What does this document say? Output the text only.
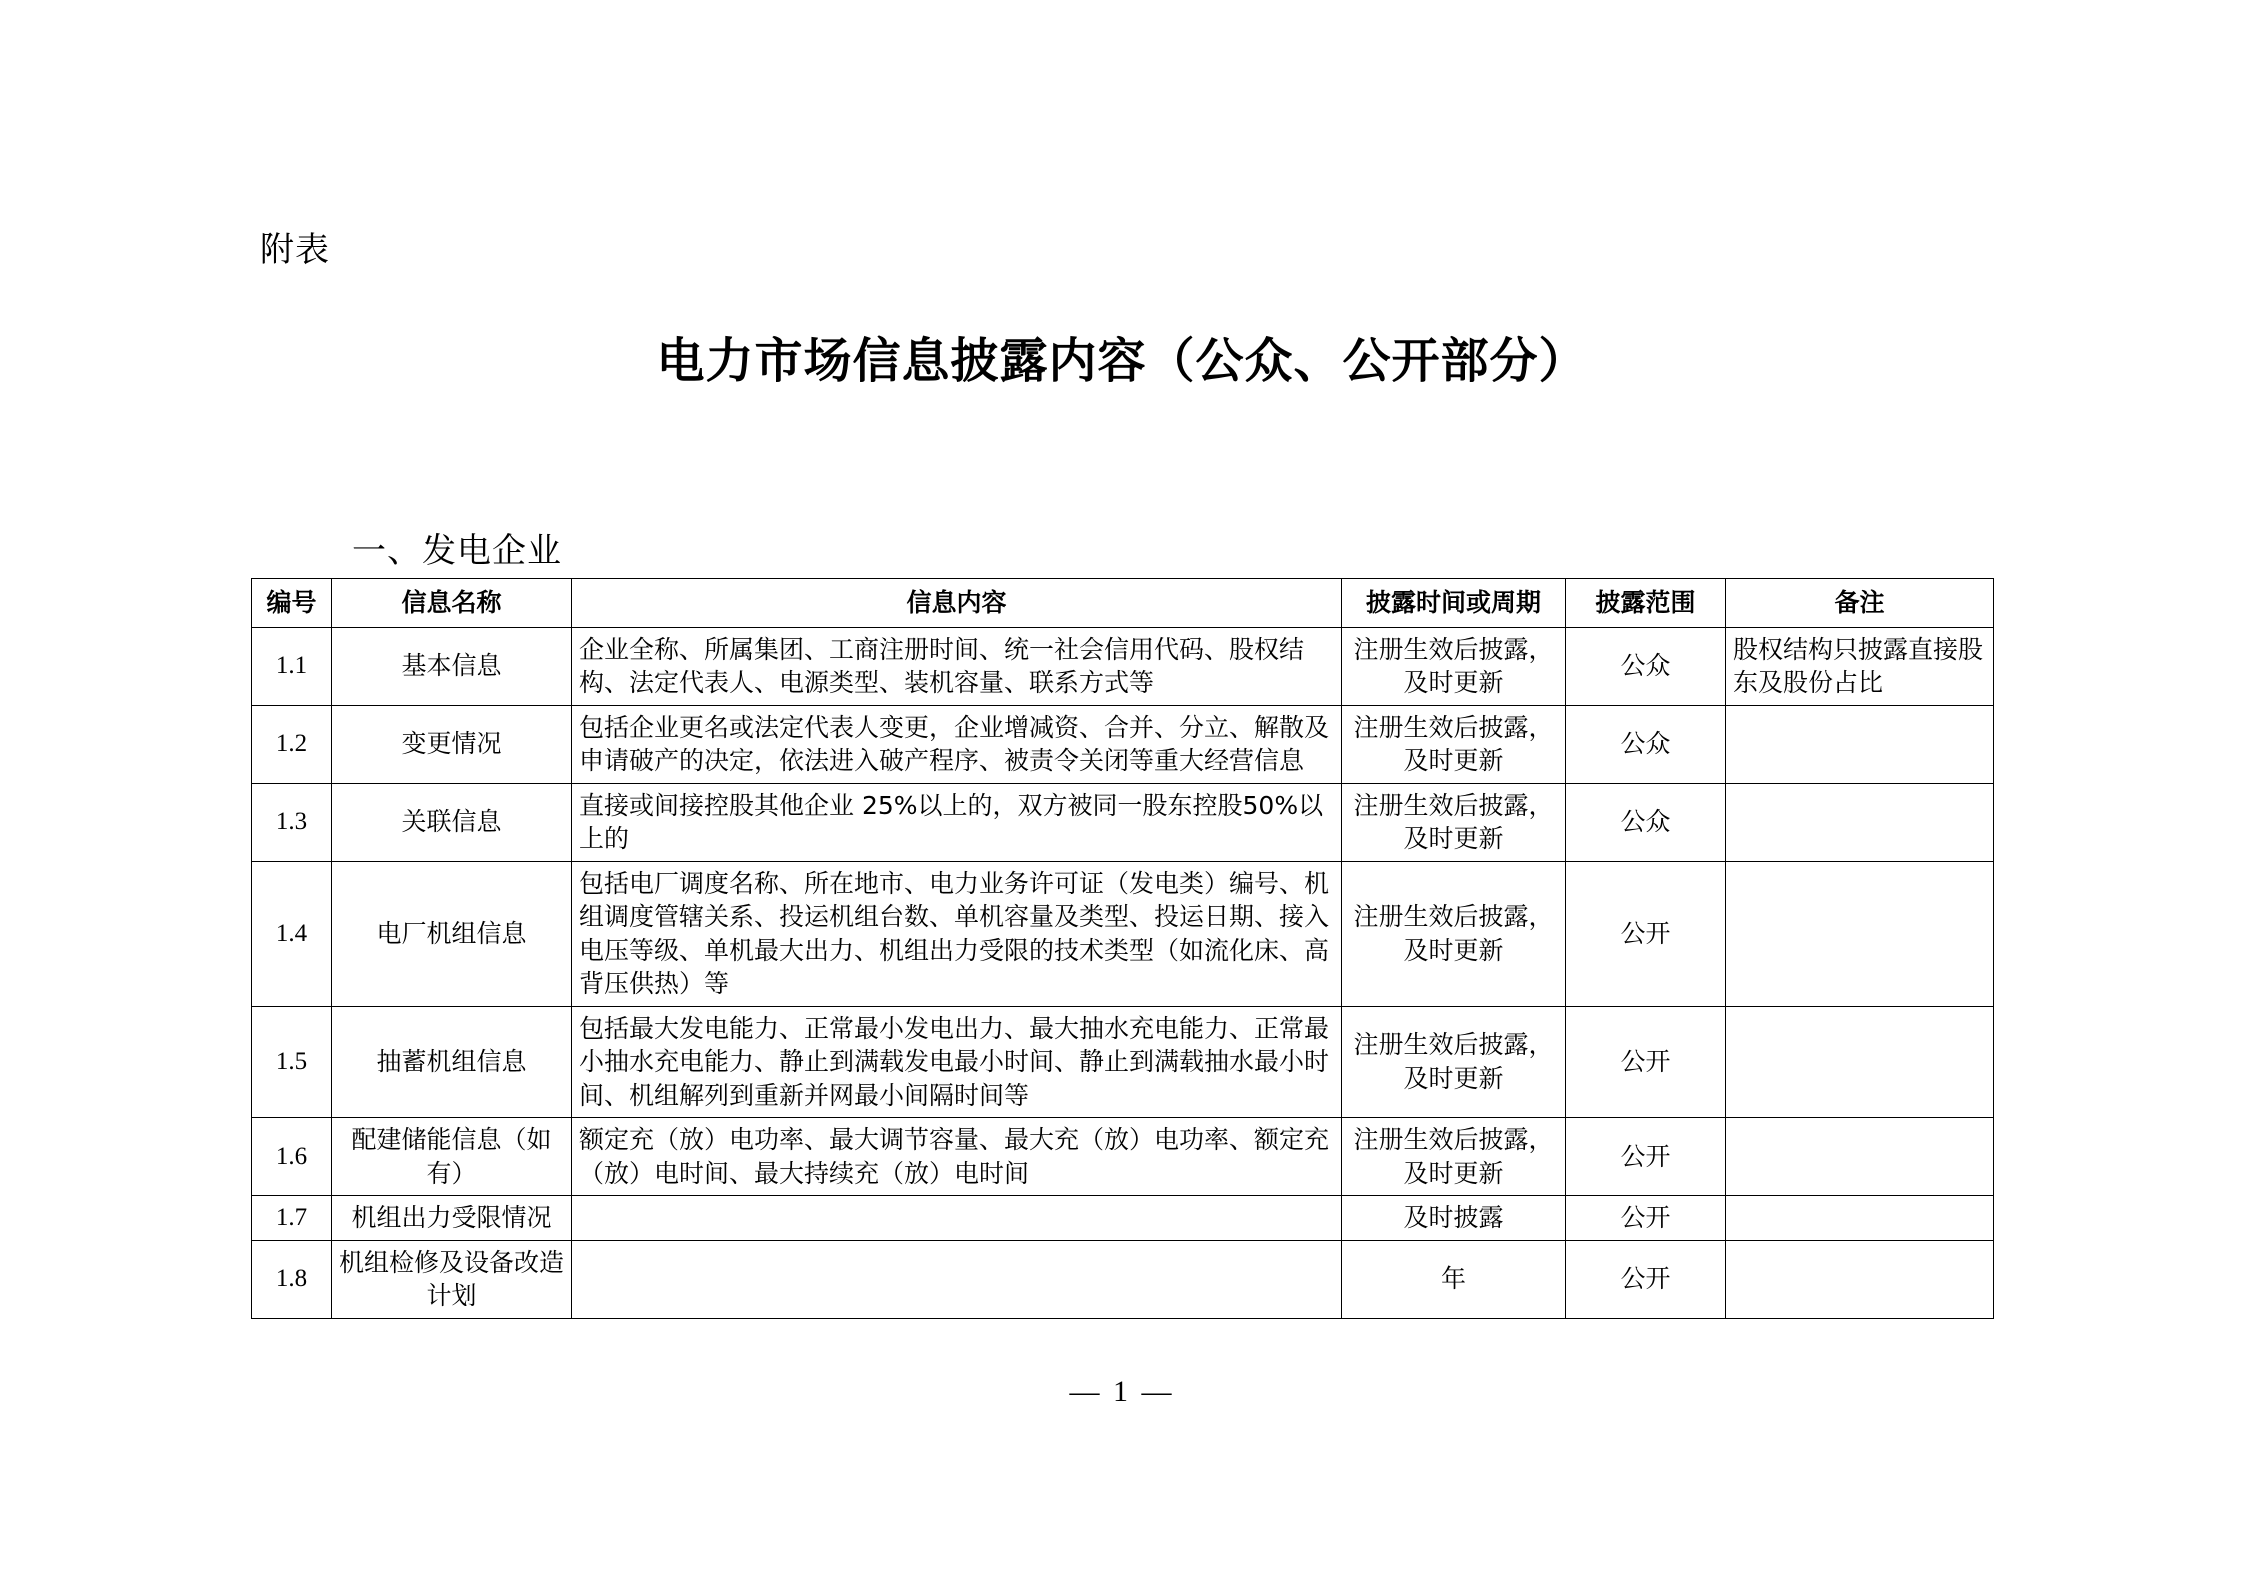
附表
电力市场信息披露内容（公众、公开部分）
一、发电企业
编号	信息名称	信息内容	披露时间或周期	披露范围	备注
1.1	基本信息	企业全称、所属集团、工商注册时间、统一社会信用代码、股权结构、法定代表人、电源类型、装机容量、联系方式等	注册生效后披露，及时更新	公众	股权结构只披露直接股东及股份占比
1.2	变更情况	包括企业更名或法定代表人变更，企业增减资、合并、分立、解散及申请破产的决定，依法进入破产程序、被责令关闭等重大经营信息	注册生效后披露，及时更新	公众	
1.3	关联信息	直接或间接控股其他企业 25%以上的，双方被同一股东控股50%以上的	注册生效后披露，及时更新	公众	
1.4	电厂机组信息	包括电厂调度名称、所在地市、电力业务许可证（发电类）编号、机组调度管辖关系、投运机组台数、单机容量及类型、投运日期、接入电压等级、单机最大出力、机组出力受限的技术类型（如流化床、高背压供热）等	注册生效后披露，及时更新	公开	
1.5	抽蓄机组信息	包括最大发电能力、正常最小发电出力、最大抽水充电能力、正常最小抽水充电能力、静止到满载发电最小时间、静止到满载抽水最小时间、机组解列到重新并网最小间隔时间等	注册生效后披露，及时更新	公开	
1.6	配建储能信息（如有）	额定充（放）电功率、最大调节容量、最大充（放）电功率、额定充（放）电时间、最大持续充（放）电时间	注册生效后披露，及时更新	公开	
1.7	机组出力受限情况		及时披露	公开	
1.8	机组检修及设备改造计划		年	公开	
— 1 —
